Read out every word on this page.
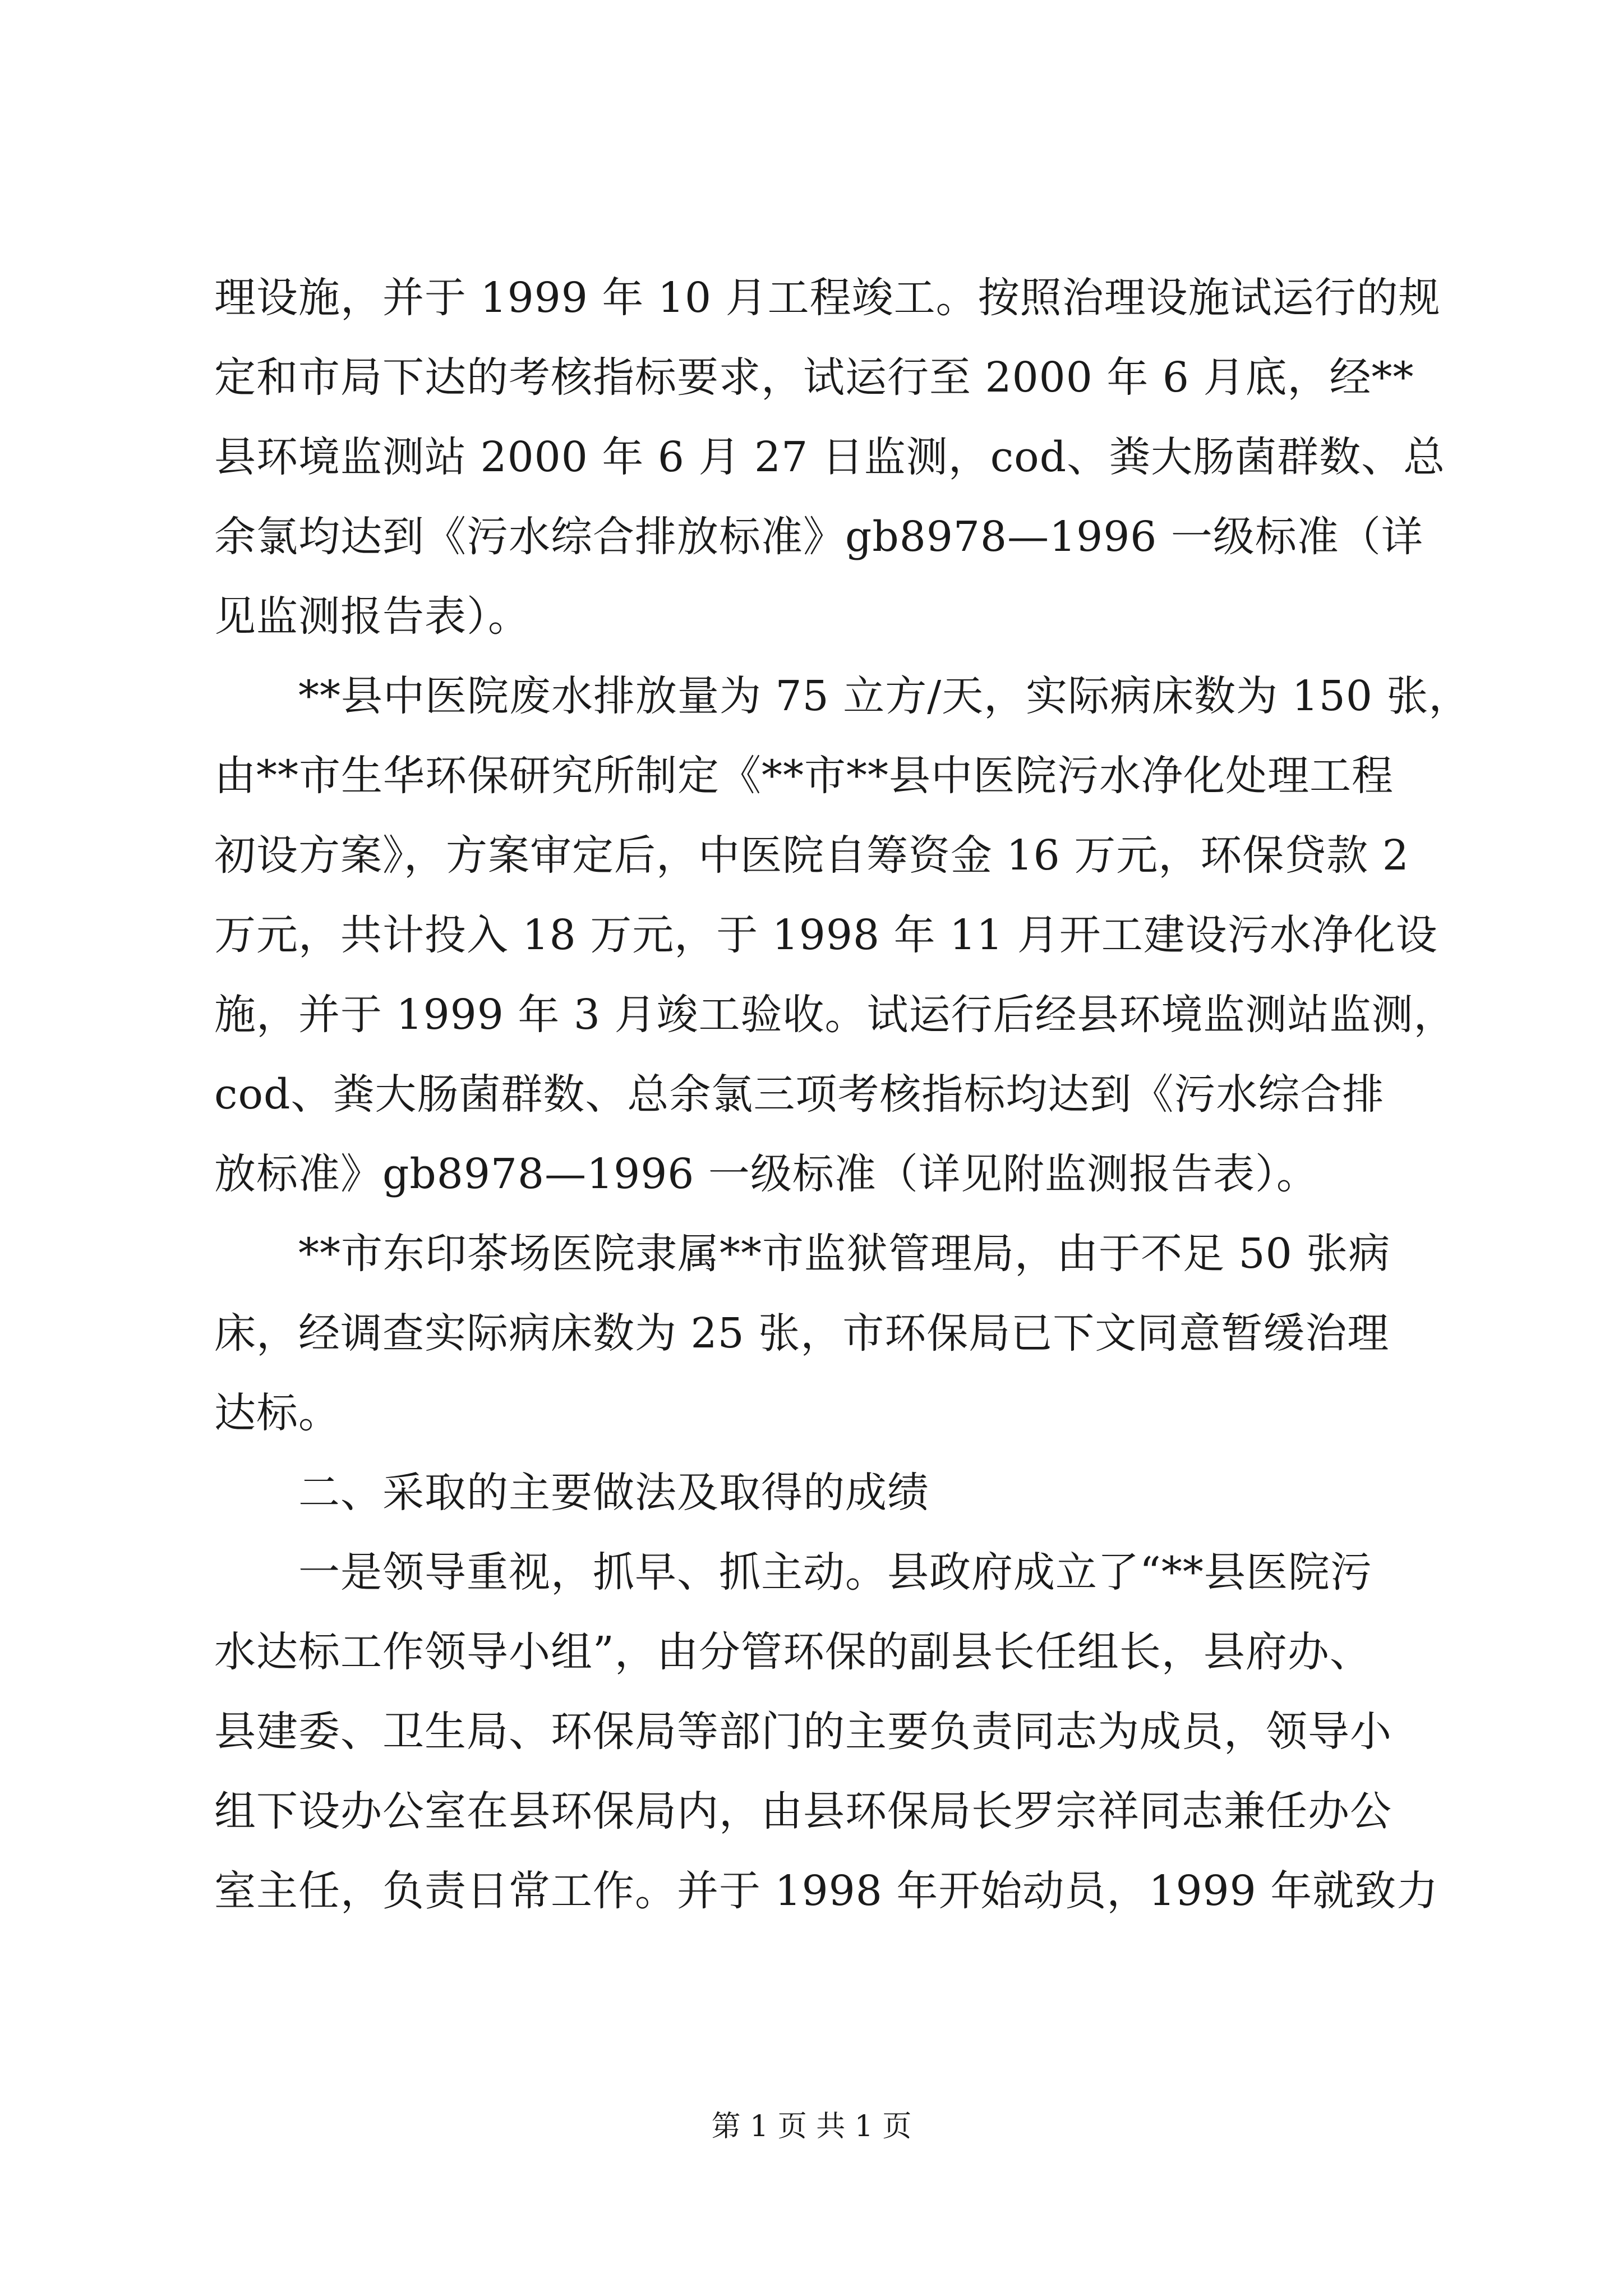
理设施，并于 1999 年 10 月工程竣工。按照治理设施试运行的规
定和市局下达的考核指标要求，试运行至 2000 年 6 月底，经**
县环境监测站 2000 年 6 月 27 日监测，cod、粪大肠菌群数、总
余氯均达到《污水综合排放标准》gb8978—1996 一级标准（详
见监测报告表）。
　　**县中医院废水排放量为 75 立方/天，实际病床数为 150 张，
由**市生华环保研究所制定《**市**县中医院污水净化处理工程
初设方案》，方案审定后，中医院自筹资金 16 万元，环保贷款 2
万元，共计投入 18 万元，于 1998 年 11 月开工建设污水净化设
施，并于 1999 年 3 月竣工验收。试运行后经县环境监测站监测，
cod、粪大肠菌群数、总余氯三项考核指标均达到《污水综合排
放标准》gb8978—1996 一级标准（详见附监测报告表）。
　　**市东印茶场医院隶属**市监狱管理局，由于不足 50 张病
床，经调查实际病床数为 25 张，市环保局已下文同意暂缓治理
达标。
　　二、采取的主要做法及取得的成绩
　　一是领导重视，抓早、抓主动。县政府成立了“**县医院污
水达标工作领导小组”，由分管环保的副县长任组长，县府办、
县建委、卫生局、环保局等部门的主要负责同志为成员，领导小
组下设办公室在县环保局内，由县环保局长罗宗祥同志兼任办公
室主任，负责日常工作。并于 1998 年开始动员，1999 年就致力
第 1 页 共 1 页
